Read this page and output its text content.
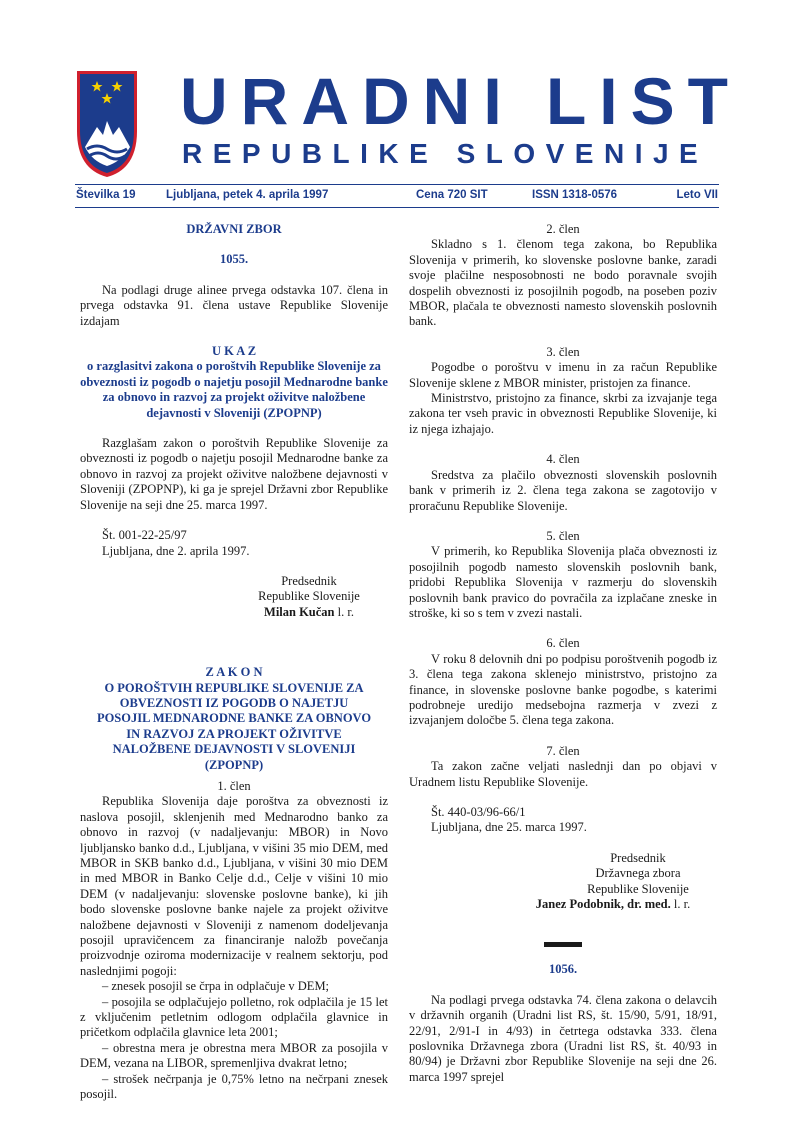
URADNI LIST
REPUBLIKE SLOVENIJE
Številka 19	Ljubljana, petek 4. aprila 1997	Cena 720 SIT	ISSN 1318-0576	Leto VII

DRŽAVNI ZBOR

1055.

Na podlagi druge alinee prvega odstavka 107. člena in prvega odstavka 91. člena ustave Republike Slovenije izdajam

U K A Z

o razglasitvi zakona o poroštvih Republike Slovenije za obveznosti iz pogodb o najetju posojil Mednarodne banke za obnovo in razvoj za projekt oživitve naložbene dejavnosti v Sloveniji (ZPOPNP)

Razglašam zakon o poroštvih Republike Slovenije za obveznosti iz pogodb o najetju posojil Mednarodne banke za obnovo in razvoj za projekt oživitve naložbene dejavnosti v Sloveniji (ZPOPNP), ki ga je sprejel Državni zbor Republike Slovenije na seji dne 25. marca 1997.

Št. 001-22-25/97

Ljubljana, dne 2. aprila 1997.

Predsednik

Republike Slovenije

Milan Kučan l. r.

Z A K O N

O POROŠTVIH REPUBLIKE SLOVENIJE ZA OBVEZNOSTI IZ POGODB O NAJETJU POSOJIL MEDNARODNE BANKE ZA OBNOVO IN RAZVOJ ZA PROJEKT OŽIVITVE NALOŽBENE DEJAVNOSTI V SLOVENIJI (ZPOPNP)

1. člen

Republika Slovenija daje poroštva za obveznosti iz naslova posojil, sklenjenih med Mednarodno banko za obnovo in razvoj (v nadaljevanju: MBOR) in Novo ljubljansko banko d.d., Ljubljana, v višini 35 mio DEM, med MBOR in SKB banko d.d., Ljubljana, v višini 30 mio DEM in med MBOR in Banko Celje d.d., Celje v višini 10 mio DEM (v nadaljevanju: slovenske poslovne banke), ki jih bodo slovenske poslovne banke najele za projekt oživitve naložbene dejavnosti v Sloveniji z namenom dodeljevanja posojil upravičencem za financiranje naložb povečanja proizvodnje oziroma modernizacije v realnem sektorju, pod naslednjimi pogoji:

– znesek posojil se črpa in odplačuje v DEM;

– posojila se odplačujejo polletno, rok odplačila je 15 let z vključenim petletnim odlogom odplačila glavnice in pričetkom odplačila glavnice leta 2001;

– obrestna mera je obrestna mera MBOR za posojila v DEM, vezana na LIBOR, spremenljiva dvakrat letno;

– strošek nečrpanja je 0,75% letno na nečrpani znesek posojil.

2. člen

Skladno s 1. členom tega zakona, bo Republika Slovenija v primerih, ko slovenske poslovne banke, zaradi svoje plačilne nesposobnosti ne bodo poravnale svojih dospelih obveznosti iz posojilnih pogodb, na poseben poziv MBOR, plačala te obveznosti namesto slovenskih poslovnih bank.

3. člen

Pogodbe o poroštvu v imenu in za račun Republike Slovenije sklene z MBOR minister, pristojen za finance.

Ministrstvo, pristojno za finance, skrbi za izvajanje tega zakona ter vseh pravic in obveznosti Republike Slovenije, ki iz njega izhajajo.

4. člen

Sredstva za plačilo obveznosti slovenskih poslovnih bank v primerih iz 2. člena tega zakona se zagotovijo v proračunu Republike Slovenije.

5. člen

V primerih, ko Republika Slovenija plača obveznosti iz posojilnih pogodb namesto slovenskih poslovnih bank, pridobi Republika Slovenija v razmerju do slovenskih poslovnih bank pravico do povračila za izplačane zneske in stroške, ki so s tem v zvezi nastali.

6. člen

V roku 8 delovnih dni po podpisu poroštvenih pogodb iz 3. člena tega zakona sklenejo ministrstvo, pristojno za finance, in slovenske poslovne banke pogodbe, s katerimi podrobneje uredijo medsebojna razmerja v zvezi z izvajanjem določbe 5. člena tega zakona.

7. člen

Ta zakon začne veljati naslednji dan po objavi v Uradnem listu Republike Slovenije.

Št. 440-03/96-66/1

Ljubljana, dne 25. marca 1997.

Predsednik

Državnega zbora

Republike Slovenije

Janez Podobnik, dr. med. l. r.

1056.

Na podlagi prvega odstavka 74. člena zakona o delavcih v državnih organih (Uradni list RS, št. 15/90, 5/91, 18/91, 22/91, 2/91-I in 4/93) in četrtega odstavka 333. člena poslovnika Državnega zbora (Uradni list RS, št. 40/93 in 80/94) je Državni zbor Republike Slovenije na seji dne 26. marca 1997 sprejel
